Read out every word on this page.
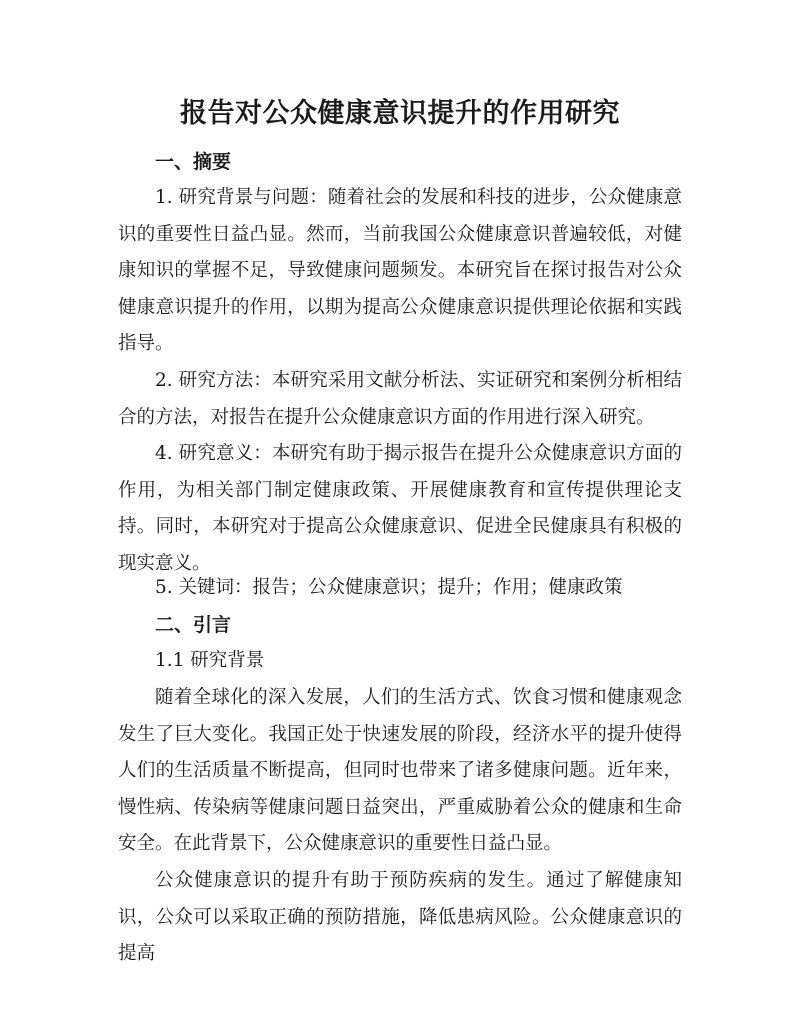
报告对公众健康意识提升的作用研究
一、摘要

1. 研究背景与问题：随着社会的发展和科技的进步，公众健康意识的重要性日益凸显。然而，当前我国公众健康意识普遍较低，对健康知识的掌握不足，导致健康问题频发。本研究旨在探讨报告对公众健康意识提升的作用，以期为提高公众健康意识提供理论依据和实践指导。

2. 研究方法：本研究采用文献分析法、实证研究和案例分析相结合的方法，对报告在提升公众健康意识方面的作用进行深入研究。

4. 研究意义：本研究有助于揭示报告在提升公众健康意识方面的作用，为相关部门制定健康政策、开展健康教育和宣传提供理论支持。同时，本研究对于提高公众健康意识、促进全民健康具有积极的现实意义。

5. 关键词：报告；公众健康意识；提升；作用；健康政策

二、引言

1.1 研究背景

随着全球化的深入发展，人们的生活方式、饮食习惯和健康观念发生了巨大变化。我国正处于快速发展的阶段，经济水平的提升使得人们的生活质量不断提高，但同时也带来了诸多健康问题。近年来，慢性病、传染病等健康问题日益突出，严重威胁着公众的健康和生命安全。在此背景下，公众健康意识的重要性日益凸显。

公众健康意识的提升有助于预防疾病的发生。通过了解健康知识，公众可以采取正确的预防措施，降低患病风险。公众健康意识的提高
